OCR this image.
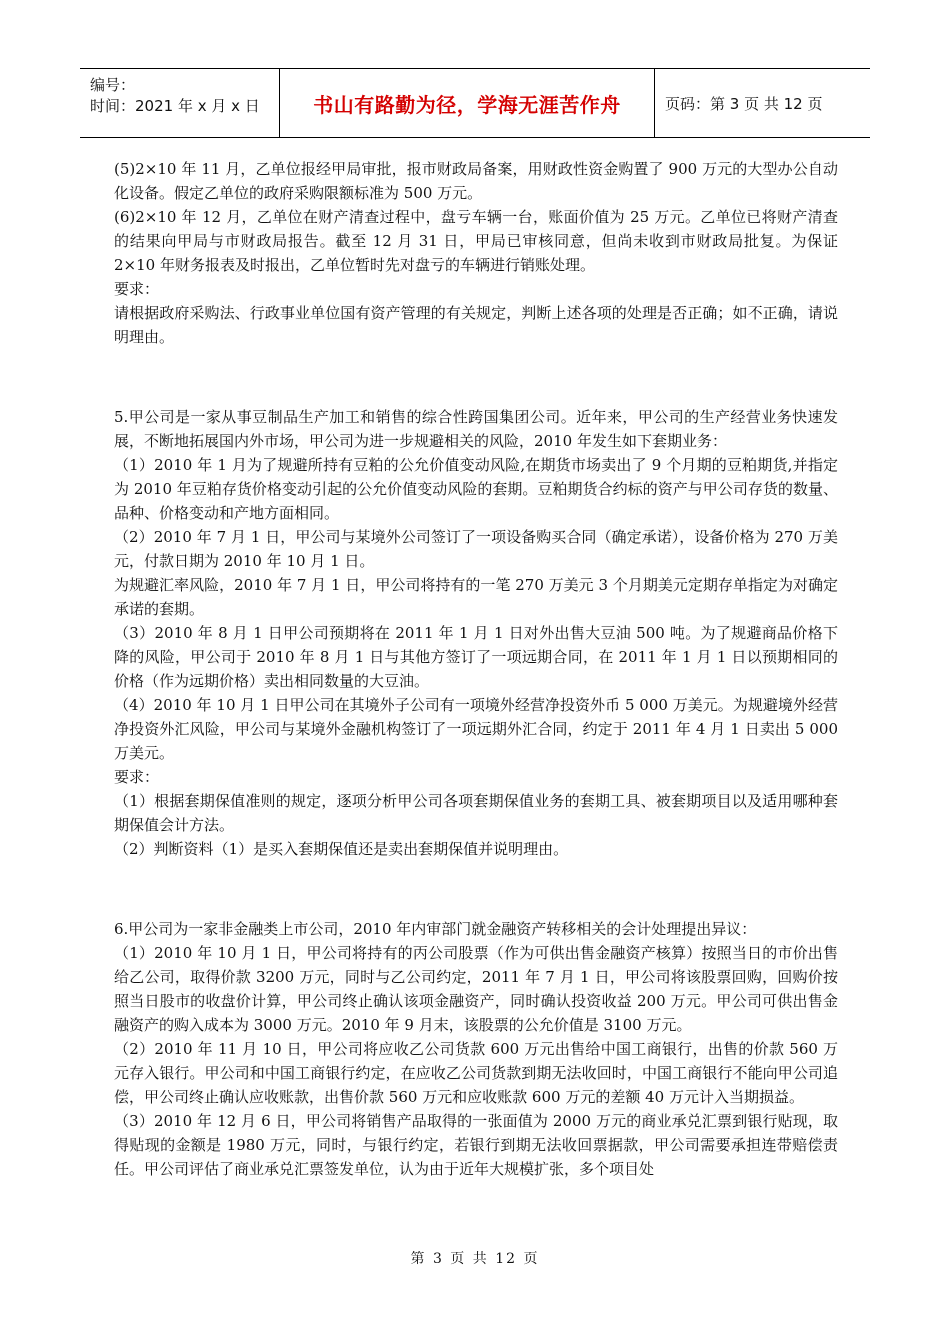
编号：
时间：2021 年 x 月 x 日	书山有路勤为径，学海无涯苦作舟	页码：第 3 页 共 12 页

(5)2×10 年 11 月，乙单位报经甲局审批，报市财政局备案，用财政性资金购置了 900 万元的大型办公自动化设备。假定乙单位的政府采购限额标准为 500 万元。

(6)2×10 年 12 月，乙单位在财产清查过程中，盘亏车辆一台，账面价值为 25 万元。乙单位已将财产清查的结果向甲局与市财政局报告。截至 12 月 31 日，甲局已审核同意，但尚未收到市财政局批复。为保证 2×10 年财务报表及时报出，乙单位暂时先对盘亏的车辆进行销账处理。

要求：

请根据政府采购法、行政事业单位国有资产管理的有关规定，判断上述各项的处理是否正确；如不正确，请说明理由。

5.甲公司是一家从事豆制品生产加工和销售的综合性跨国集团公司。近年来，甲公司的生产经营业务快速发展，不断地拓展国内外市场，甲公司为进一步规避相关的风险，2010 年发生如下套期业务：

（1）2010 年 1 月为了规避所持有豆粕的公允价值变动风险,在期货市场卖出了 9 个月期的豆粕期货,并指定为 2010 年豆粕存货价格变动引起的公允价值变动风险的套期。豆粕期货合约标的资产与甲公司存货的数量、品种、价格变动和产地方面相同。

（2）2010 年 7 月 1 日，甲公司与某境外公司签订了一项设备购买合同（确定承诺），设备价格为 270 万美元，付款日期为 2010 年 10 月 1 日。

为规避汇率风险，2010 年 7 月 1 日，甲公司将持有的一笔 270 万美元 3 个月期美元定期存单指定为对确定承诺的套期。

（3）2010 年 8 月 1 日甲公司预期将在 2011 年 1 月 1 日对外出售大豆油 500 吨。为了规避商品价格下降的风险，甲公司于 2010 年 8 月 1 日与其他方签订了一项远期合同，在 2011 年 1 月 1 日以预期相同的价格（作为远期价格）卖出相同数量的大豆油。

（4）2010 年 10 月 1 日甲公司在其境外子公司有一项境外经营净投资外币 5 000 万美元。为规避境外经营净投资外汇风险，甲公司与某境外金融机构签订了一项远期外汇合同，约定于 2011 年 4 月 1 日卖出 5 000 万美元。

要求：

（1）根据套期保值准则的规定，逐项分析甲公司各项套期保值业务的套期工具、被套期项目以及适用哪种套期保值会计方法。

（2）判断资料（1）是买入套期保值还是卖出套期保值并说明理由。

6.甲公司为一家非金融类上市公司，2010 年内审部门就金融资产转移相关的会计处理提出异议：

（1）2010 年 10 月 1 日，甲公司将持有的丙公司股票（作为可供出售金融资产核算）按照当日的市价出售给乙公司，取得价款 3200 万元，同时与乙公司约定，2011 年 7 月 1 日，甲公司将该股票回购，回购价按照当日股市的收盘价计算，甲公司终止确认该项金融资产，同时确认投资收益 200 万元。甲公司可供出售金融资产的购入成本为 3000 万元。2010 年 9 月末，该股票的公允价值是 3100 万元。

（2）2010 年 11 月 10 日，甲公司将应收乙公司货款 600 万元出售给中国工商银行，出售的价款 560 万元存入银行。甲公司和中国工商银行约定，在应收乙公司货款到期无法收回时，中国工商银行不能向甲公司追偿，甲公司终止确认应收账款，出售价款 560 万元和应收账款 600 万元的差额 40 万元计入当期损益。

（3）2010 年 12 月 6 日，甲公司将销售产品取得的一张面值为 2000 万元的商业承兑汇票到银行贴现，取得贴现的金额是 1980 万元，同时，与银行约定，若银行到期无法收回票据款，甲公司需要承担连带赔偿责任。甲公司评估了商业承兑汇票签发单位，认为由于近年大规模扩张，多个项目处

第 3 页 共 12 页
